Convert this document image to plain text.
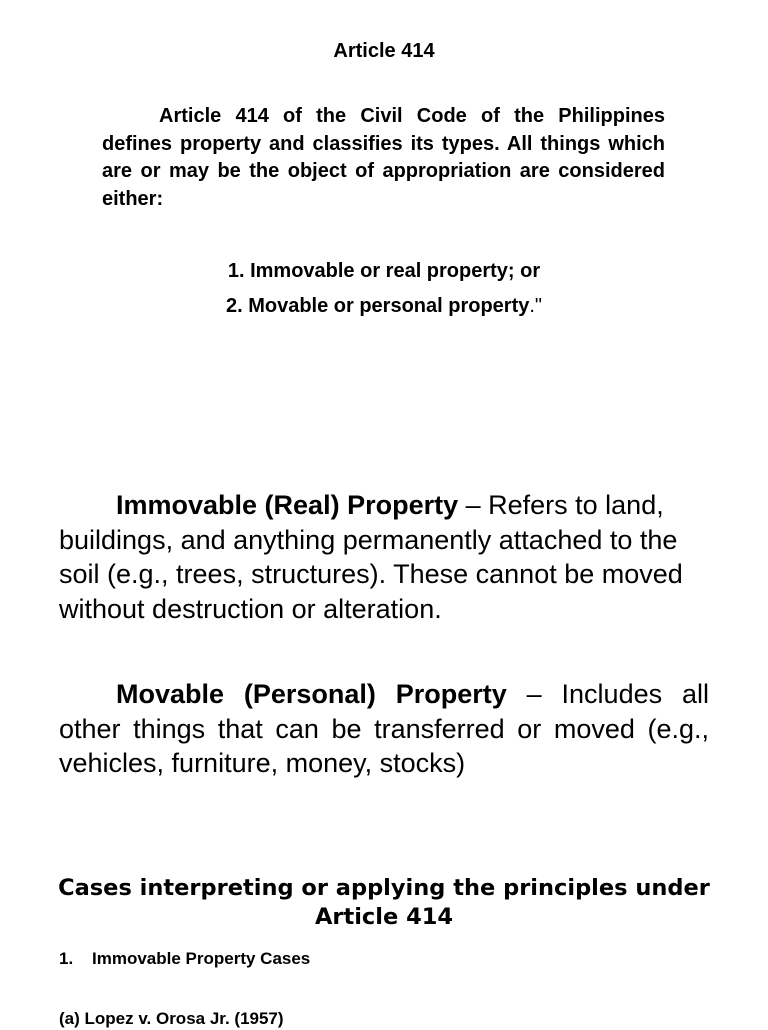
Article 414

Article 414 of the Civil Code of the Philippines defines property and classifies its types. All things which are or may be the object of appropriation are considered either:

1. Immovable or real property; or
2. Movable or personal property."

Immovable (Real) Property – Refers to land, buildings, and anything permanently attached to the soil (e.g., trees, structures). These cannot be moved without destruction or alteration.

Movable (Personal) Property – Includes all other things that can be transferred or moved (e.g., vehicles, furniture, money, stocks)

Cases interpreting or applying the principles under Article 414
1. Immovable Property Cases
(a) Lopez v. Orosa Jr. (1957)
